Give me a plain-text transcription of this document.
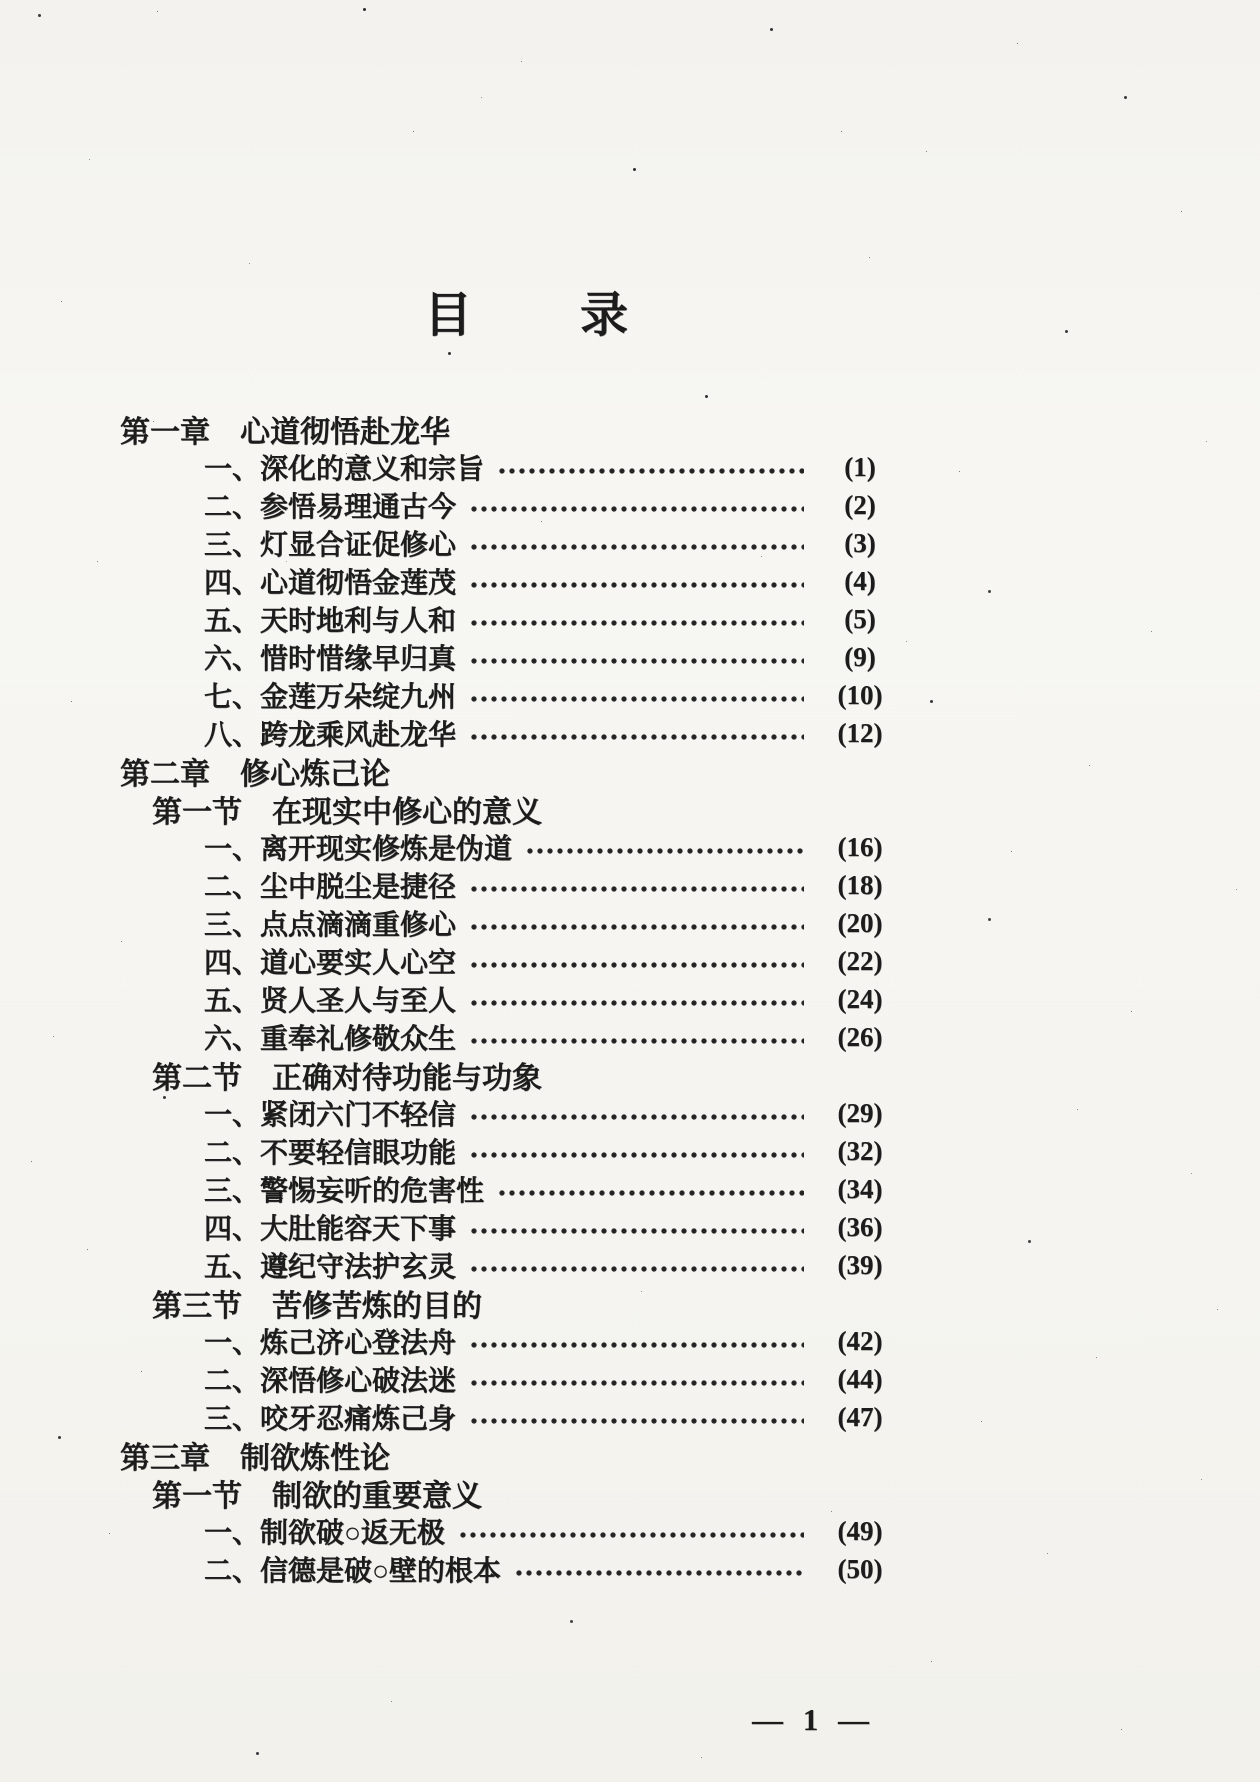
目　　录
第一章 心道彻悟赴龙华
一、 深化的意义和宗旨	(1)
二、 参悟易理通古今	(2)
三、 灯显合证促修心	(3)
四、 心道彻悟金莲茂	(4)
五、 天时地利与人和	(5)
六、 惜时惜缘早归真	(9)
七、 金莲万朵绽九州	(10)
八、 跨龙乘风赴龙华	(12)
第二章 修心炼己论
第一节 在现实中修心的意义
一、 离开现实修炼是伪道	(16)
二、 尘中脱尘是捷径	(18)
三、 点点滴滴重修心	(20)
四、 道心要实人心空	(22)
五、 贤人圣人与至人	(24)
六、 重奉礼修敬众生	(26)
第二节 正确对待功能与功象
一、 紧闭六门不轻信	(29)
二、 不要轻信眼功能	(32)
三、 警惕妄听的危害性	(34)
四、 大肚能容天下事	(36)
五、 遵纪守法护玄灵	(39)
第三节 苦修苦炼的目的
一、 炼己济心登法舟	(42)
二、 深悟修心破法迷	(44)
三、 咬牙忍痛炼己身	(47)
第三章 制欲炼性论
第一节 制欲的重要意义
一、 制欲破○返无极	(49)
二、 信德是破○壁的根本	(50)
— 1 —
